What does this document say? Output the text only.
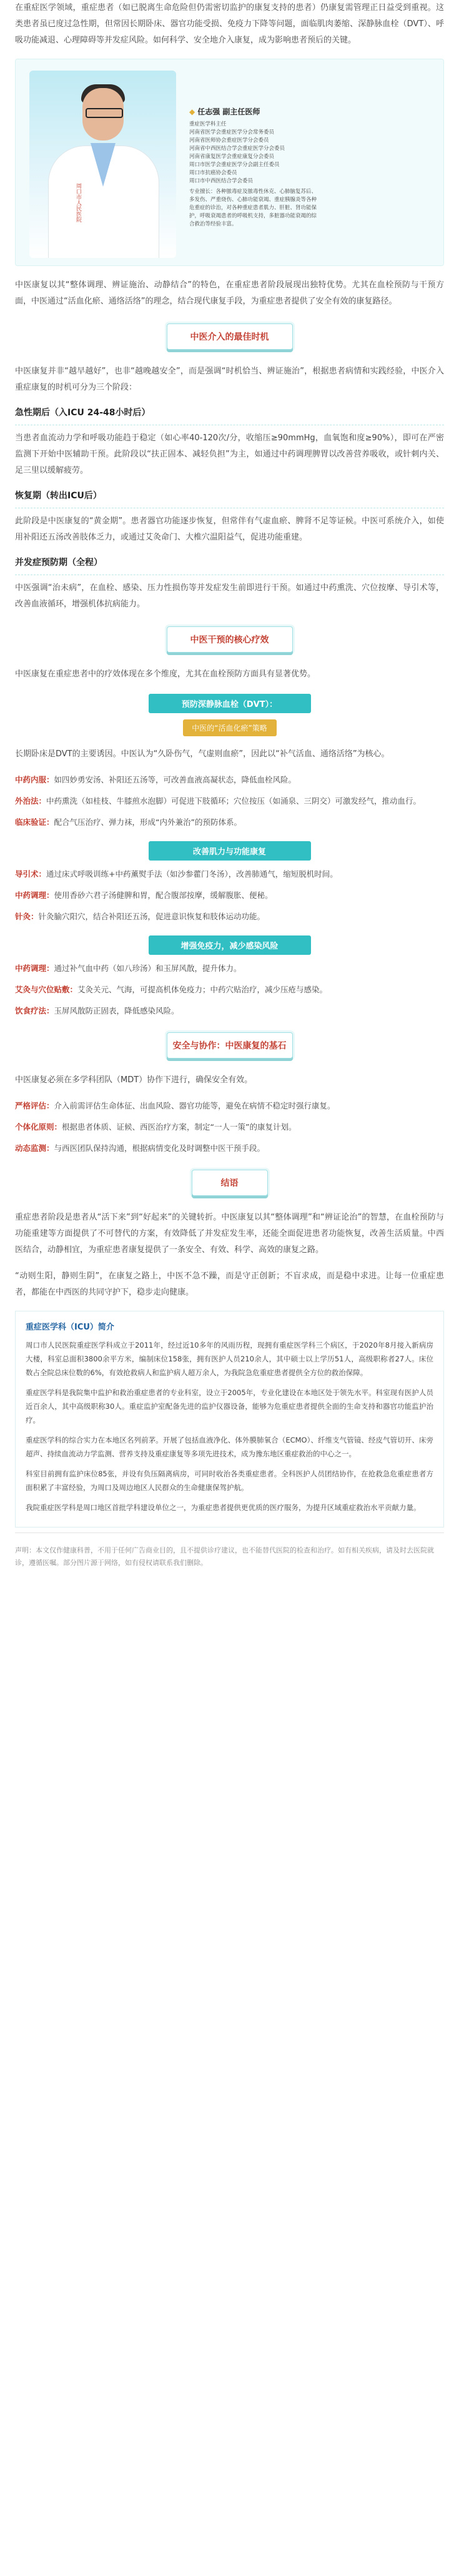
在重症医学领域，重症患者（如已脱离生命危险但仍需密切监护的康复支持的患者）仍康复需管理正日益受到重视。这类患者虽已度过急性期，但常因长期卧床、器官功能受损、免疫力下降等问题，面临肌肉萎缩、深静脉血栓（DVT）、呼吸功能减退、心理障碍等并发症风险。如何科学、安全地介入康复，成为影响患者预后的关键。

周口市人民医院
◆ 任志强 副主任医师
重症医学科主任
河南省医学会重症医学分会常务委员
河南省医师协会重症医学分会委员
河南省中西医结合学会重症医学分会委员
河南省康复医学会重症康复分会委员
周口市医学会重症医学分会副主任委员
周口市抗癌协会委员
周口市中西医结合学会委员
专业擅长：各种脓毒症及脓毒性休克、心肺脑复苏后、多发伤、严重烧伤、心肺功能衰竭、重症胰腺炎等各种危重症的诊治，对各种重症患者肌力、肝脏、肾功能保护，呼吸衰竭患者的呼吸机支持，多脏器功能衰竭的综合救治等经验丰富。

中医康复以其“整体调理、辨证施治、动静结合”的特色，在重症患者阶段展现出独特优势。尤其在血栓预防与干预方面，中医通过“活血化瘀、通络活络”的理念，结合现代康复手段，为重症患者提供了安全有效的康复路径。

中医介入的最佳时机

中医康复并非“越早越好”，也非“越晚越安全”，而是强调“时机恰当、辨证施治”，根据患者病情和实践经验，中医介入重症康复的时机可分为三个阶段：

急性期后（入ICU 24-48小时后）

当患者血流动力学和呼吸功能趋于稳定（如心率40-120次/分，收缩压≥90mmHg，血氧饱和度≥90%），即可在严密监测下开始中医辅助干预。此阶段以“扶正固本、减轻负担”为主，如通过中药调理脾胃以改善营养吸收，或针刺内关、足三里以缓解疲劳。

恢复期（转出ICU后）

此阶段是中医康复的“黄金期”。患者器官功能逐步恢复，但常伴有气虚血瘀、脾肾不足等证候。中医可系统介入，如使用补阳还五汤改善肢体乏力，或通过艾灸命门、大椎穴温阳益气，促进功能重建。

并发症预防期（全程）

中医强调“治未病”，在血栓、感染、压力性损伤等并发症发生前即进行干预。如通过中药熏洗、穴位按摩、导引术等，改善血液循环，增强机体抗病能力。

中医干预的核心疗效

中医康复在重症患者中的疗效体现在多个维度，尤其在血栓预防方面具有显著优势。

预防深静脉血栓（DVT）：
中医的“活血化瘀”策略

长期卧床是DVT的主要诱因。中医认为“久卧伤气，气虚则血瘀”，因此以“补气活血、通络活络”为核心。

中药内服：如四妙勇安汤、补阳还五汤等，可改善血液高凝状态，降低血栓风险。
外治法：中药熏洗（如桂枝、牛膝煎水泡脚）可促进下肢循环；穴位按压（如涌泉、三阴交）可激发经气，推动血行。
临床验证：配合气压治疗、弹力袜，形成“内外兼治”的预防体系。
改善肌力与功能康复
导引术：通过床式呼吸训练+中药薰熨手法（如沙参藿门冬汤），改善肺通气，缩短脱机时间。
中药调理：使用香砂六君子汤健脾和胃，配合腹部按摩，缓解腹胀、便秘。
针灸：针灸腧穴阳穴，结合补阳还五汤，促进意识恢复和肢体运动功能。
增强免疫力，减少感染风险
中药调理：通过补气血中药（如八珍汤）和玉屏风散，提升体力。
艾灸与穴位贴敷：艾灸关元、气海，可提高机体免疫力；中药穴贴治疗，减少压疮与感染。
饮食疗法：玉屏风散防正固表，降低感染风险。
安全与协作：中医康复的基石

中医康复必须在多学科团队（MDT）协作下进行，确保安全有效。

严格评估：介入前需评估生命体征、出血风险、器官功能等，避免在病情不稳定时强行康复。
个体化原则：根据患者体质、证候、西医治疗方案，制定“一人一策”的康复计划。
动态监测：与西医团队保持沟通，根据病情变化及时调整中医干预手段。
结语

重症患者阶段是患者从“活下来”到“好起来”的关键转折。中医康复以其“整体调理”和“辨证论治”的智慧，在血栓预防与功能重建等方面提供了不可替代的方案，有效降低了并发症发生率，还能全面促进患者功能恢复，改善生活质量。中西医结合，动静相宜，为重症患者康复提供了一条安全、有效、科学、高效的康复之路。

“动则生阳，静则生阴”，在康复之路上，中医不急不躁，而是守正创新；不盲求成，而是稳中求进。让每一位重症患者，都能在中西医的共同守护下，稳步走向健康。

重症医学科（ICU）简介

周口市人民医院重症医学科成立于2011年，经过近10多年的风雨历程，现拥有重症医学科三个病区，于2020年8月接入新病房大楼，科室总面积3800余平方米，编制床位158张，拥有医护人员210余人，其中硕士以上学历51人，高级职称者27人。床位数占全院总床位数的6%，有效抢救病人和监护病人超万余人，为我院急危重症患者提供全方位的救治保障。

重症医学科是我院集中监护和救治重症患者的专业科室，设立于2005年，专业化建设在本地区处于领先水平。科室现有医护人员近百余人，其中高级职称30人。重症监护室配备先进的监护仪器设备，能够为危重症患者提供全面的生命支持和器官功能监护治疗。

重症医学科的综合实力在本地区名列前茅。开展了包括血液净化、体外膜肺氧合（ECMO）、纤维支气管镜、经皮气管切开、床旁超声、持续血流动力学监测、营养支持及重症康复等多项先进技术，成为豫东地区重症救治的中心之一。

科室目前拥有监护床位85张，并设有负压隔离病房，可同时收治各类重症患者。全科医护人员团结协作，在抢救急危重症患者方面积累了丰富经验，为周口及周边地区人民群众的生命健康保驾护航。

我院重症医学科是周口地区首批学科建设单位之一，为重症患者提供更优质的医疗服务，为提升区域重症救治水平贡献力量。

声明：本文仅作健康科普，不用于任何广告商业目的，且不提供诊疗建议，也不能替代医院的检查和治疗。如有相关疾病，请及时去医院就诊，遵循医嘱。部分图片源于网络，如有侵权请联系我们删除。
